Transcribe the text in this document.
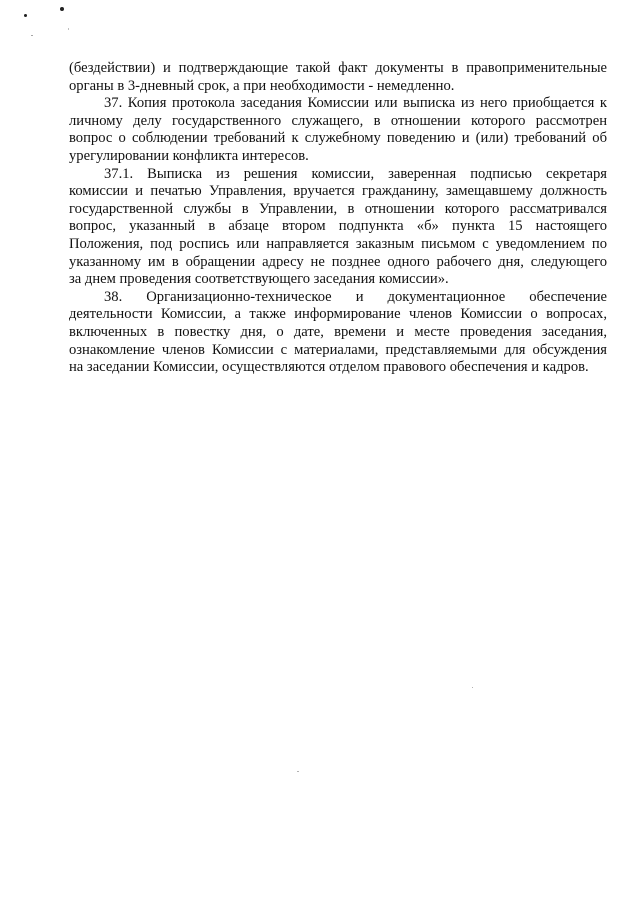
(бездействии) и подтверждающие такой факт документы в правоприменительные
органы в 3-дневный срок, а при необходимости - немедленно.

37. Копия протокола заседания Комиссии или выписка из него приобщается к
личному делу государственного служащего, в отношении которого рассмотрен
вопрос о соблюдении требований к служебному поведению и (или) требований об
урегулировании конфликта интересов.

37.1. Выписка из решения комиссии, заверенная подписью секретаря
комиссии и печатью Управления, вручается гражданину, замещавшему должность
государственной службы в Управлении, в отношении которого рассматривался
вопрос, указанный в абзаце втором подпункта «б» пункта 15 настоящего
Положения, под роспись или направляется заказным письмом с уведомлением по
указанному им в обращении адресу не позднее одного рабочего дня, следующего
за днем проведения соответствующего заседания комиссии».

38. Организационно-техническое и документационное обеспечение
деятельности Комиссии, а также информирование членов Комиссии о вопросах,
включенных в повестку дня, о дате, времени и месте проведения заседания,
ознакомление членов Комиссии с материалами, представляемыми для обсуждения
на заседании Комиссии, осуществляются отделом правового обеспечения и кадров.
